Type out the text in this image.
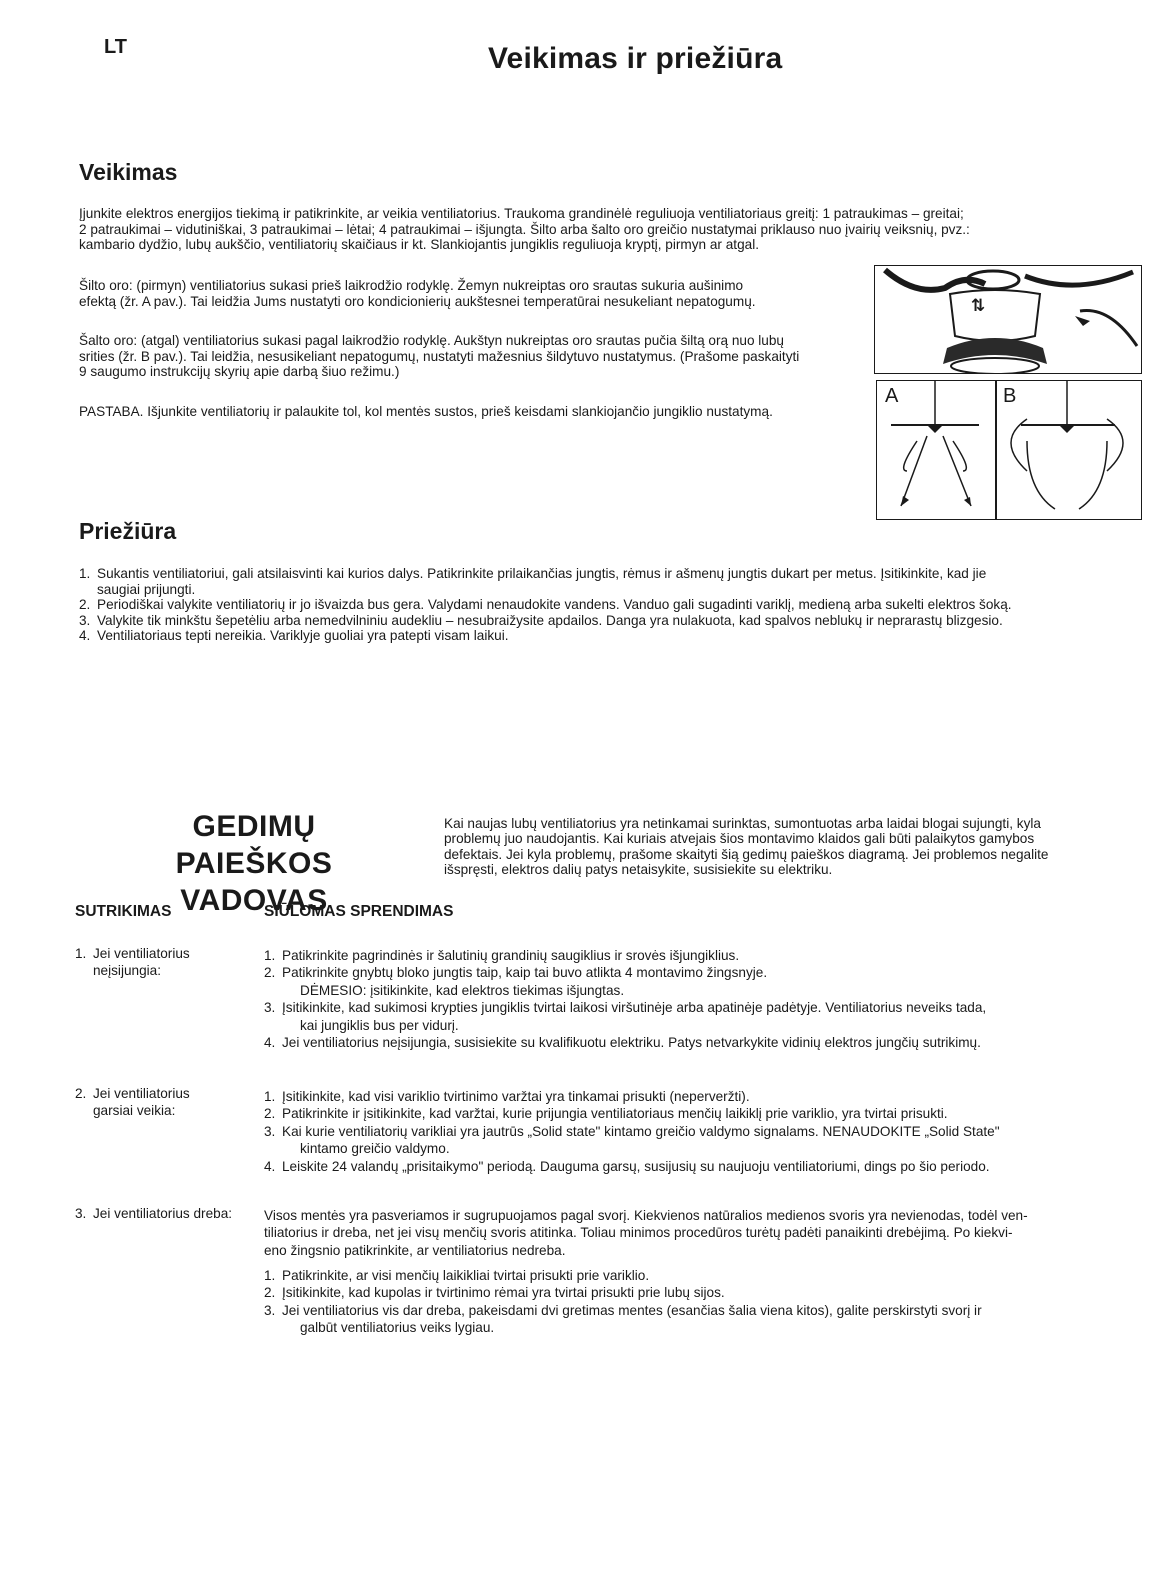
LT	Veikimas ir priežiūra
Veikimas
Įjunkite elektros energijos tiekimą ir patikrinkite, ar veikia ventiliatorius. Traukoma grandinėlė reguliuoja ventiliatoriaus greitį: 1 patraukimas – greitai;
2 patraukimai – vidutiniškai, 3 patraukimai – lėtai; 4 patraukimai – išjungta. Šilto arba šalto oro greičio nustatymai priklauso nuo įvairių veiksnių, pvz.:
kambario dydžio, lubų aukščio, ventiliatorių skaičiaus ir kt. Slankiojantis jungiklis reguliuoja kryptį, pirmyn ar atgal.
Šilto oro: (pirmyn) ventiliatorius sukasi prieš laikrodžio rodyklę. Žemyn nukreiptas oro srautas sukuria aušinimo
efektą (žr. A pav.). Tai leidžia Jums nustatyti oro kondicionierių aukštesnei temperatūrai nesukeliant nepatogumų.
Šalto oro: (atgal) ventiliatorius sukasi pagal laikrodžio rodyklę. Aukštyn nukreiptas oro srautas pučia šiltą orą nuo lubų
srities (žr. B pav.). Tai leidžia, nesusikeliant nepatogumų, nustatyti mažesnius šildytuvo nustatymus. (Prašome paskaityti
9 saugumo instrukcijų skyrių apie darbą šiuo režimu.)
PASTABA. Išjunkite ventiliatorių ir palaukite tol, kol mentės sustos, prieš keisdami slankiojančio jungiklio nustatymą.
⇅
A	B
Priežiūra
1. Sukantis ventiliatoriui, gali atsilaisvinti kai kurios dalys. Patikrinkite prilaikančias jungtis, rėmus ir ašmenų jungtis dukart per metus. Įsitikinkite, kad jie
saugiai prijungti.
2. Periodiškai valykite ventiliatorių ir jo išvaizda bus gera. Valydami nenaudokite vandens. Vanduo gali sugadinti variklį, medieną arba sukelti elektros šoką.
3. Valykite tik minkštu šepetėliu arba nemedvilniniu audekliu – nesubraižysite apdailos. Danga yra nulakuota, kad spalvos neblukų ir neprarastų blizgesio.
4. Ventiliatoriaus tepti nereikia. Variklyje guoliai yra patepti visam laikui.
GEDIMŲ PAIEŠKOS
VADOVAS
Kai naujas lubų ventiliatorius yra netinkamai surinktas, sumontuotas arba laidai blogai sujungti, kyla
problemų juo naudojantis. Kai kuriais atvejais šios montavimo klaidos gali būti palaikytos gamybos
defektais. Jei kyla problemų, prašome skaityti šią gedimų paieškos diagramą. Jei problemos negalite
išspręsti, elektros dalių patys netaisykite, susisiekite su elektriku.
SUTRIKIMAS	SIŪLOMAS SPRENDIMAS
1. Jei ventiliatorius
neįsijungia:
1. Patikrinkite pagrindinės ir šalutinių grandinių saugiklius ir srovės išjungiklius.
2. Patikrinkite gnybtų bloko jungtis taip, kaip tai buvo atlikta 4 montavimo žingsnyje.
DĖMESIO: įsitikinkite, kad elektros tiekimas išjungtas.
3. Įsitikinkite, kad sukimosi krypties jungiklis tvirtai laikosi viršutinėje arba apatinėje padėtyje. Ventiliatorius neveiks tada,
kai jungiklis bus per vidurį.
4. Jei ventiliatorius neįsijungia, susisiekite su kvalifikuotu elektriku. Patys netvarkykite vidinių elektros jungčių sutrikimų.
2. Jei ventiliatorius
garsiai veikia:
1. Įsitikinkite, kad visi variklio tvirtinimo varžtai yra tinkamai prisukti (neperveržti).
2. Patikrinkite ir įsitikinkite, kad varžtai, kurie prijungia ventiliatoriaus menčių laikiklį prie variklio, yra tvirtai prisukti.
3. Kai kurie ventiliatorių varikliai yra jautrūs „Solid state" kintamo greičio valdymo signalams. NENAUDOKITE „Solid State"
kintamo greičio valdymo.
4. Leiskite 24 valandų „prisitaikymo" periodą. Dauguma garsų, susijusių su naujuoju ventiliatoriumi, dings po šio periodo.
3. Jei ventiliatorius dreba: Visos mentės yra pasveriamos ir sugrupuojamos pagal svorį. Kiekvienos natūralios medienos svoris yra nevienodas, todėl ven-
tiliatorius ir dreba, net jei visų menčių svoris atitinka. Toliau minimos procedūros turėtų padėti panaikinti drebėjimą. Po kiekvi-
eno žingsnio patikrinkite, ar ventiliatorius nedreba.
1. Patikrinkite, ar visi menčių laikikliai tvirtai prisukti prie variklio.
2. Įsitikinkite, kad kupolas ir tvirtinimo rėmai yra tvirtai prisukti prie lubų sijos.
3. Jei ventiliatorius vis dar dreba, pakeisdami dvi gretimas mentes (esančias šalia viena kitos), galite perskirstyti svorį ir
galbūt ventiliatorius veiks lygiau.
